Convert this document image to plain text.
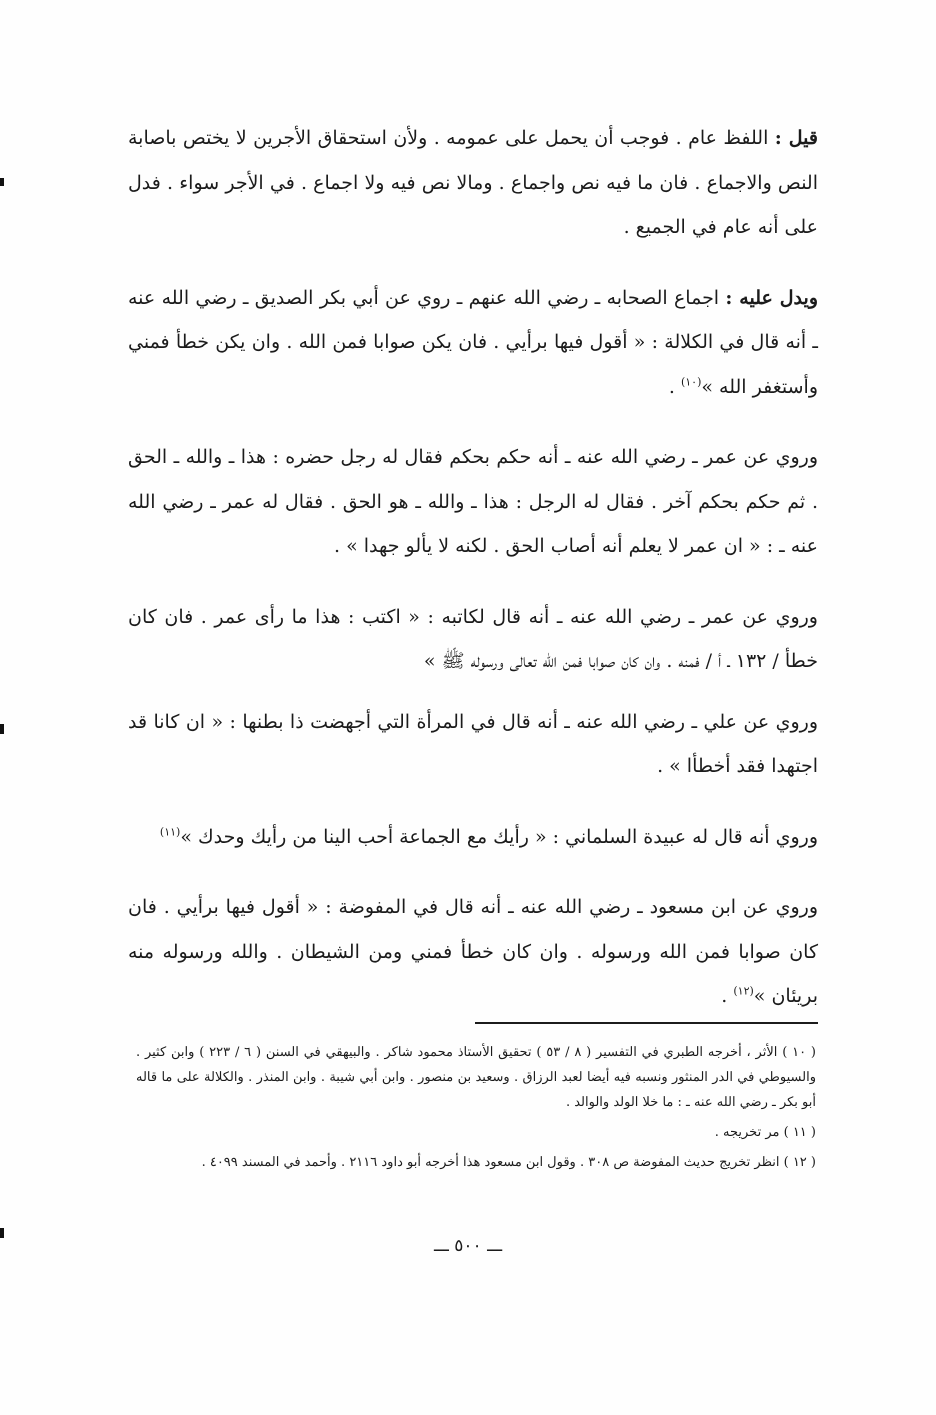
قيل : اللفظ عام . فوجب أن يحمل على عمومه . ولأن استحقاق الأجرين لا يختص باصابة النص والاجماع . فان ما فيه نص واجماع . ومالا نص فيه ولا اجماع . في الأجر سواء . فدل على أنه عام في الجميع .

ويدل عليه : اجماع الصحابه ـ رضي الله عنهم ـ روي عن أبي بكر الصديق ـ رضي الله عنه ـ أنه قال في الكلالة : « أقول فيها برأيي . فان يكن صوابا فمن الله . وان يكن خطأ فمني وأستغفر الله »$^{(١٠)}$ .

وروي عن عمر ـ رضي الله عنه ـ أنه حكم بحكم فقال له رجل حضره : هذا ـ والله ـ الحق . ثم حكم بحكم آخر . فقال له الرجل : هذا ـ والله ـ هو الحق . فقال له عمر ـ رضي الله عنه ـ : « ان عمر لا يعلم أنه أصاب الحق . لكنه لا يألو جهدا » .

وروي عن عمر ـ رضي الله عنه ـ أنه قال لكاتبه : « اكتب : هذا ما رأى عمر . فان كان خطأ / ١٣٢ ـ أ / فمنه . وان كان صوابا فمن الله تعالى ورسوله ﷺ »

وروي عن علي ـ رضي الله عنه ـ أنه قال في المرأة التي أجهضت ذا بطنها : « ان كانا قد اجتهدا فقد أخطأا » .

وروي أنه قال له عبيدة السلماني : « رأيك مع الجماعة أحب الينا من رأيك وحدك »$^{(١١)}$

وروي عن ابن مسعود ـ رضي الله عنه ـ أنه قال في المفوضة : « أقول فيها برأيي . فان كان صوابا فمن الله ورسوله . وان كان خطأ فمني ومن الشيطان . والله ورسوله منه بريئان »$^{(١٢)}$ .

( ١٠ ) الأثر ، أخرجه الطبري في التفسير ( ٨ / ٥٣ ) تحقيق الأستاذ محمود شاكر . والبيهقي في السنن ( ٦ / ٢٢٣ ) وابن كثير . والسيوطي في الدر المنثور ونسبه فيه أيضا لعبد الرزاق . وسعيد بن منصور . وابن أبي شيبة . وابن المنذر . والكلالة على ما قاله أبو بكر ـ رضي الله عنه ـ : ما خلا الولد والوالد .

( ١١ ) مر تخريجه .

( ١٢ ) انظر تخريج حديث المفوضة ص ٣٠٨ . وقول ابن مسعود هذا أخرجه أبو داود ٢١١٦ . وأحمد في المسند ٤٠٩٩ .

ـــ ٥٠٠ ـــ
